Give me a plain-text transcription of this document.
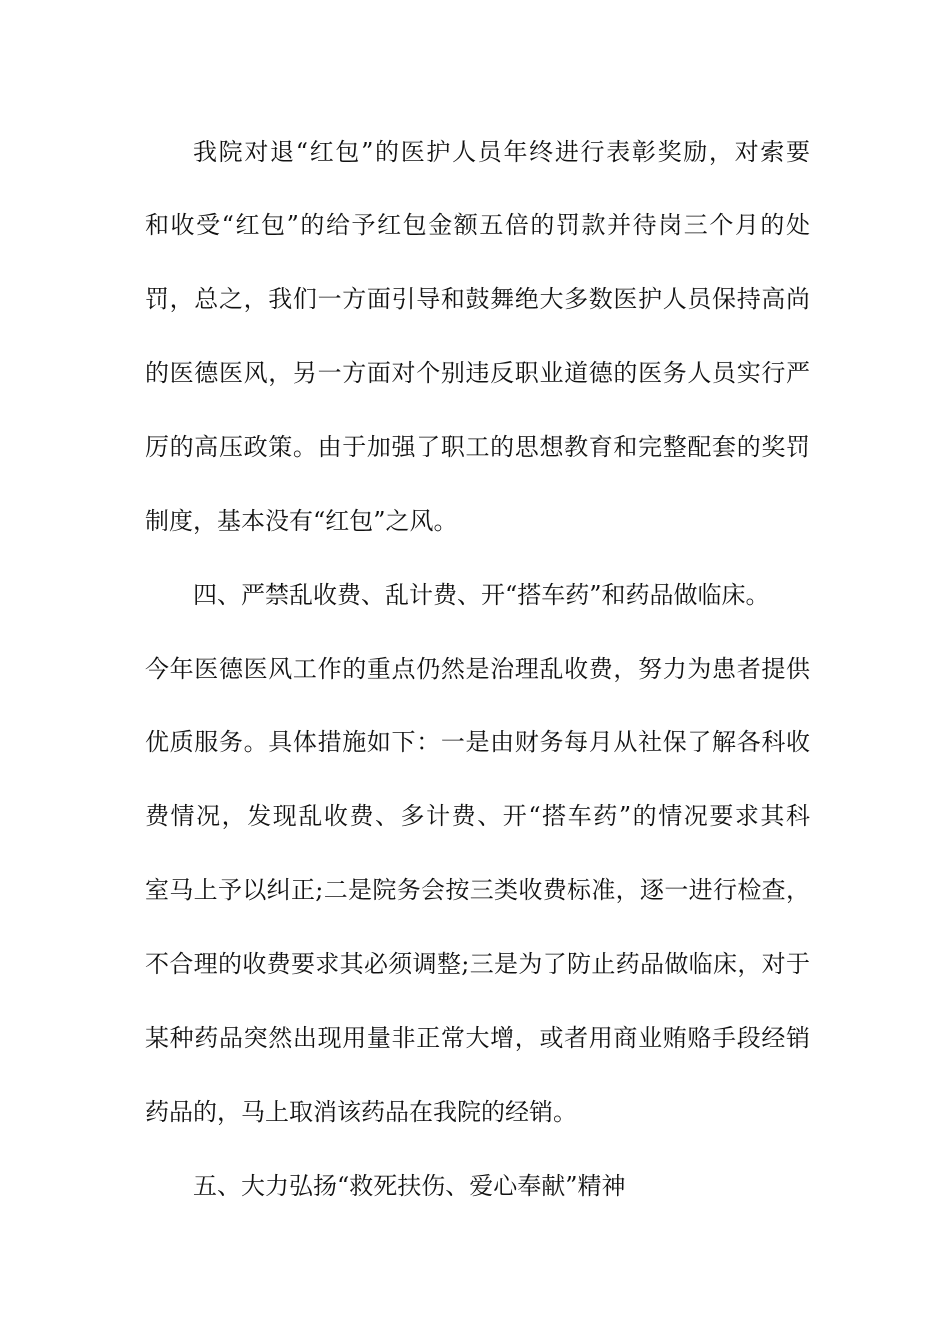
我院对退“红包”的医护人员年终进行表彰奖励，对索要

和收受“红包”的给予红包金额五倍的罚款并待岗三个月的处

罚，总之，我们一方面引导和鼓舞绝大多数医护人员保持高尚

的医德医风，另一方面对个别违反职业道德的医务人员实行严

厉的高压政策。由于加强了职工的思想教育和完整配套的奖罚

制度，基本没有“红包”之风。

四、严禁乱收费、乱计费、开“搭车药”和药品做临床。

今年医德医风工作的重点仍然是治理乱收费，努力为患者提供

优质服务。具体措施如下：一是由财务每月从社保了解各科收

费情况，发现乱收费、多计费、开“搭车药”的情况要求其科

室马上予以纠正;二是院务会按三类收费标准，逐一进行检查，

不合理的收费要求其必须调整;三是为了防止药品做临床，对于

某种药品突然出现用量非正常大增，或者用商业贿赂手段经销

药品的，马上取消该药品在我院的经销。

五、大力弘扬“救死扶伤、爱心奉献”精神
